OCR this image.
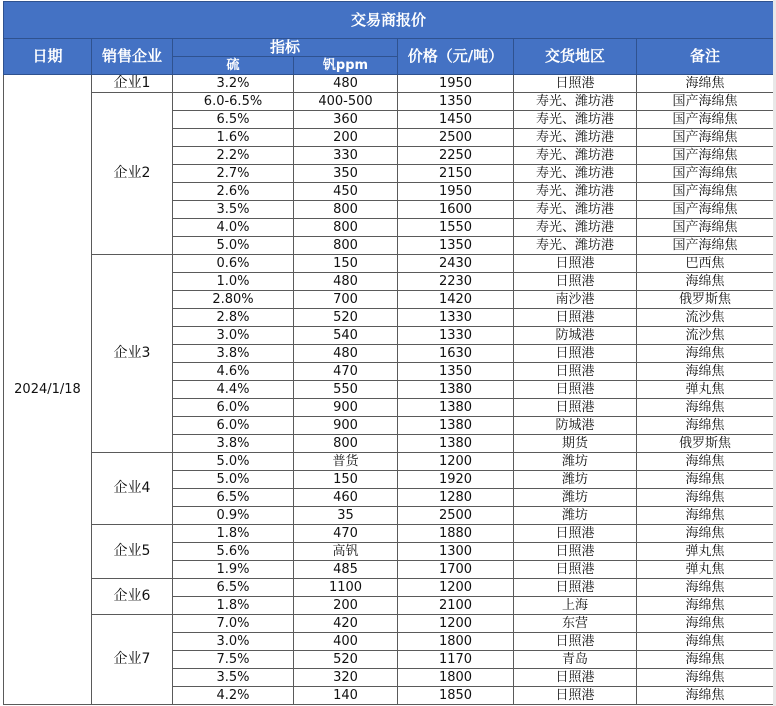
交易商报价						
日期	销售企业	指标		价格（元/吨）	交货地区	备注
		硫	钒ppm			
2024/1/18	企业1	3.2%	480	1950	日照港	海绵焦
	企业2	6.0-6.5%	400-500	1350	寿光、潍坊港	国产海绵焦
		6.5%	360	1450	寿光、潍坊港	国产海绵焦
		1.6%	200	2500	寿光、潍坊港	国产海绵焦
		2.2%	330	2250	寿光、潍坊港	国产海绵焦
		2.7%	350	2150	寿光、潍坊港	国产海绵焦
		2.6%	450	1950	寿光、潍坊港	国产海绵焦
		3.5%	800	1600	寿光、潍坊港	国产海绵焦
		4.0%	800	1550	寿光、潍坊港	国产海绵焦
		5.0%	800	1350	寿光、潍坊港	国产海绵焦
	企业3	0.6%	150	2430	日照港	巴西焦
		1.0%	480	2230	日照港	海绵焦
		2.80%	700	1420	南沙港	俄罗斯焦
		2.8%	520	1330	日照港	流沙焦
		3.0%	540	1330	防城港	流沙焦
		3.8%	480	1630	日照港	海绵焦
		4.6%	470	1350	日照港	海绵焦
		4.4%	550	1380	日照港	弹丸焦
		6.0%	900	1380	日照港	海绵焦
		6.0%	900	1380	防城港	海绵焦
		3.8%	800	1380	期货	俄罗斯焦
	企业4	5.0%	普货	1200	潍坊	海绵焦
		5.0%	150	1920	潍坊	海绵焦
		6.5%	460	1280	潍坊	海绵焦
		0.9%	35	2500	潍坊	海绵焦
	企业5	1.8%	470	1880	日照港	海绵焦
		5.6%	高钒	1300	日照港	弹丸焦
		1.9%	485	1700	日照港	弹丸焦
	企业6	6.5%	1100	1200	日照港	海绵焦
		1.8%	200	2100	上海	海绵焦
	企业7	7.0%	420	1200	东营	海绵焦
		3.0%	400	1800	日照港	海绵焦
		7.5%	520	1170	青岛	海绵焦
		3.5%	320	1800	日照港	海绵焦
		4.2%	140	1850	日照港	海绵焦
